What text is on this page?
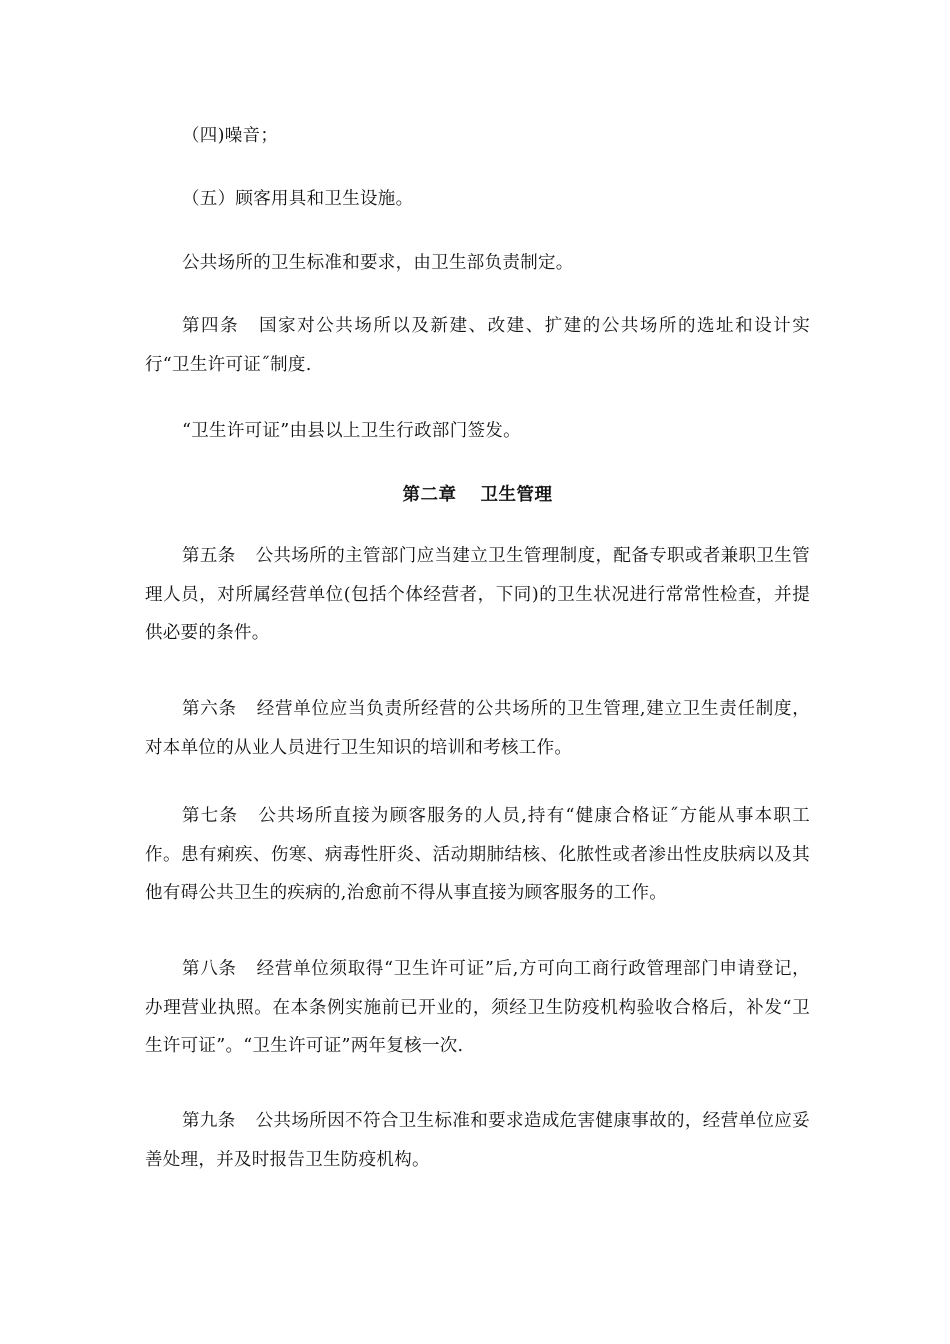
（四)噪音；

（五）顾客用具和卫生设施。

公共场所的卫生标准和要求，由卫生部负责制定。

第四条 国家对公共场所以及新建、改建、扩建的公共场所的选址和设计实行“卫生许可证˝制度.

“卫生许可证”由县以上卫生行政部门签发。

第二章 卫生管理

第五条 公共场所的主管部门应当建立卫生管理制度，配备专职或者兼职卫生管理人员，对所属经营单位(包括个体经营者，下同)的卫生状况进行常常性检查，并提供必要的条件。

第六条 经营单位应当负责所经营的公共场所的卫生管理,建立卫生责任制度，对本单位的从业人员进行卫生知识的培训和考核工作。

第七条 公共场所直接为顾客服务的人员,持有“健康合格证˝方能从事本职工作。患有痢疾、伤寒、病毒性肝炎、活动期肺结核、化脓性或者渗出性皮肤病以及其他有碍公共卫生的疾病的,治愈前不得从事直接为顾客服务的工作。

第八条 经营单位须取得“卫生许可证”后,方可向工商行政管理部门申请登记，办理营业执照。在本条例实施前已开业的，须经卫生防疫机构验收合格后，补发“卫生许可证”。“卫生许可证”两年复核一次.

第九条 公共场所因不符合卫生标准和要求造成危害健康事故的，经营单位应妥善处理，并及时报告卫生防疫机构。
